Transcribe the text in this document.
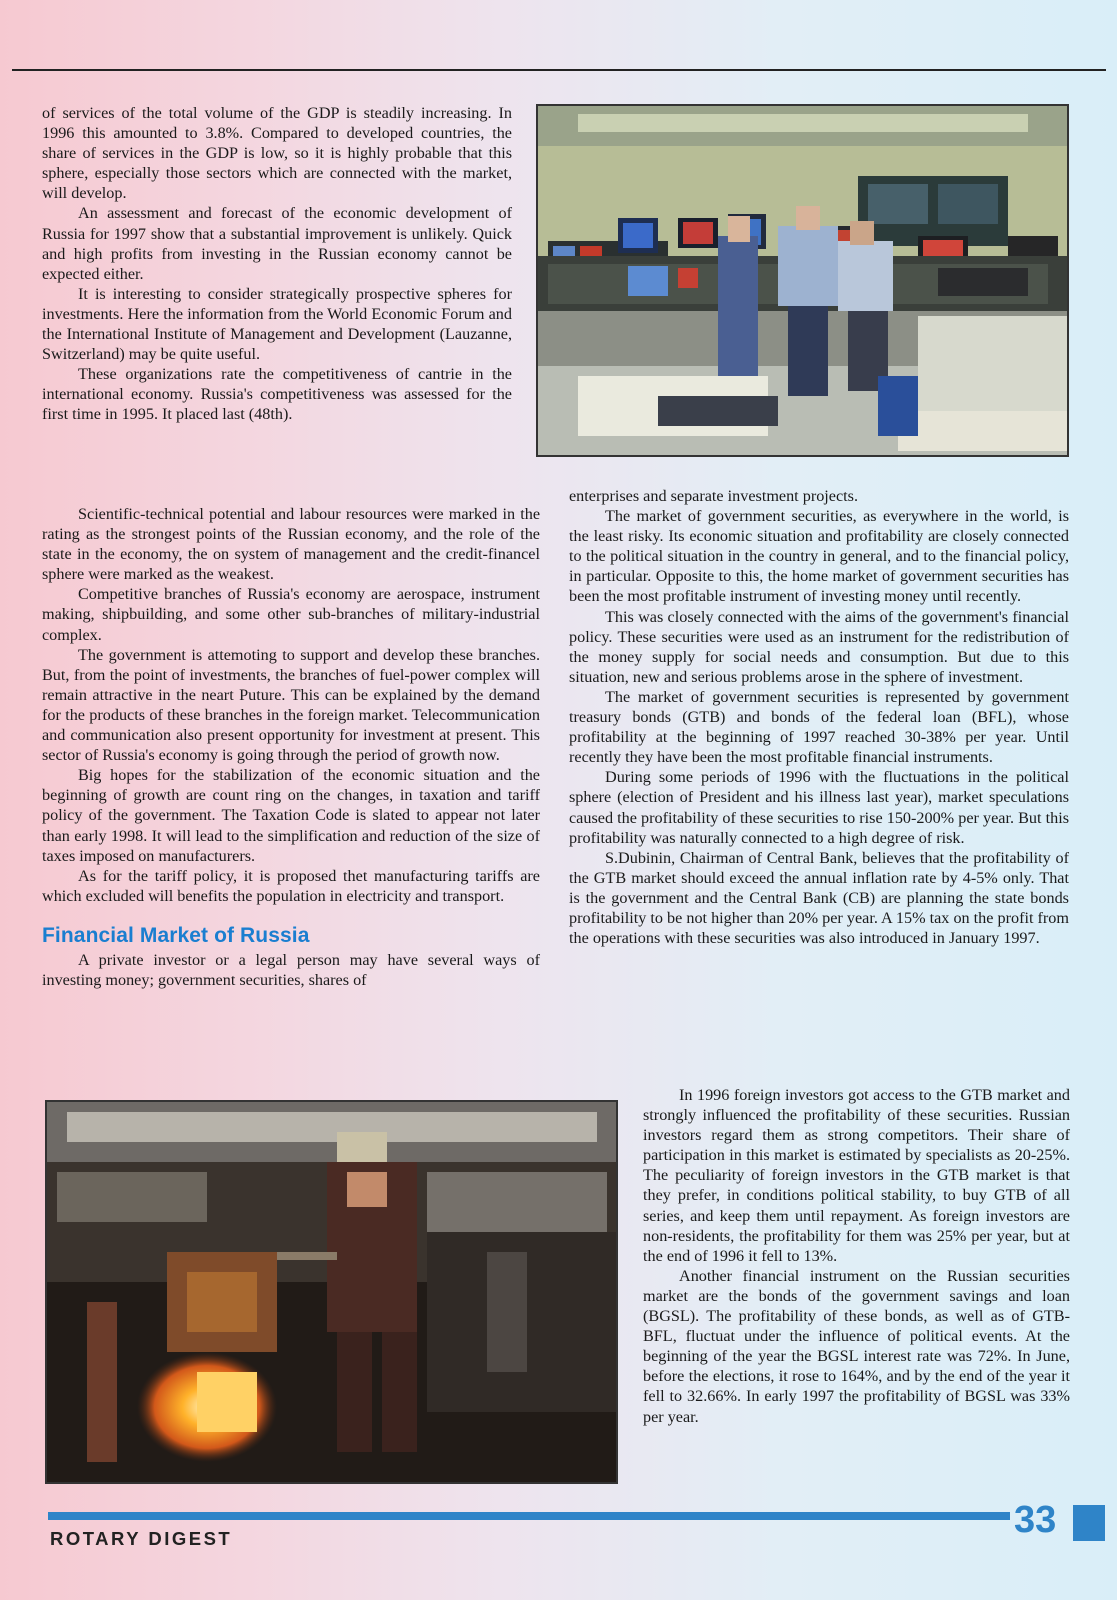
of services of the total volume of the GDP is steadily increasing. In 1996 this amounted to 3.8%. Compared to developed countries, the share of services in the GDP is low, so it is highly probable that this sphere, especially those sectors which are connected with the market, will develop.

An assessment and forecast of the economic development of Russia for 1997 show that a substantial improvement is unlikely. Quick and high profits from investing in the Russian economy cannot be expected either.

It is interesting to consider strategically prospective spheres for investments. Here the information from the World Economic Forum and the International Institute of Management and Development (Lauzanne, Switzerland) may be quite useful.

These organizations rate the competitiveness of cantrie in the international economy. Russia's competitiveness was assessed for the first time in 1995. It placed last (48th).

Scientific-technical potential and labour resources were marked in the rating as the strongest points of the Russian economy, and the role of the state in the economy, the on system of management and the credit-financel sphere were marked as the weakest.

Competitive branches of Russia's economy are aerospace, instrument making, shipbuilding, and some other sub-branches of military-industrial complex.

The government is attemoting to support and develop these branches. But, from the point of investments, the branches of fuel-power complex will remain attractive in the neart Puture. This can be explained by the demand for the products of these branches in the foreign market. Telecommunication and communication also present opportunity for investment at present. This sector of Russia's economy is going through the period of growth now.

Big hopes for the stabilization of the economic situation and the beginning of growth are count ring on the changes, in taxation and tariff policy of the government. The Taxation Code is slated to appear not later than early 1998. It will lead to the simplification and reduction of the size of taxes imposed on manufacturers.

As for the tariff policy, it is proposed thet manufacturing tariffs are which excluded will benefits the population in electricity and transport.

Financial Market of Russia

A private investor or a legal person may have several ways of investing money; government securities, shares of

enterprises and separate investment projects.

The market of government securities, as everywhere in the world, is the least risky. Its economic situation and profitability are closely connected to the political situation in the country in general, and to the financial policy, in particular. Opposite to this, the home market of government securities has been the most profitable instrument of investing money until recently.

This was closely connected with the aims of the government's financial policy. These securities were used as an instrument for the redistribution of the money supply for social needs and consumption. But due to this situation, new and serious problems arose in the sphere of investment.

The market of government securities is represented by government treasury bonds (GTB) and bonds of the federal loan (BFL), whose profitability at the beginning of 1997 reached 30-38% per year. Until recently they have been the most profitable financial instruments.

During some periods of 1996 with the fluctuations in the political sphere (election of President and his illness last year), market speculations caused the profitability of these securities to rise 150-200% per year. But this profitability was naturally connected to a high degree of risk.

S.Dubinin, Chairman of Central Bank, believes that the profitability of the GTB market should exceed the annual inflation rate by 4-5% only. That is the government and the Central Bank (CB) are planning the state bonds profitability to be not higher than 20% per year. A 15% tax on the profit from the operations with these securities was also introduced in January 1997.

In 1996 foreign investors got access to the GTB market and strongly influenced the profitability of these securities. Russian investors regard them as strong competitors. Their share of participation in this market is estimated by specialists as 20-25%. The peculiarity of foreign investors in the GTB market is that they prefer, in conditions political stability, to buy GTB of all series, and keep them until repayment. As foreign investors are non-residents, the profitability for them was 25% per year, but at the end of 1996 it fell to 13%.

Another financial instrument on the Russian securities market are the bonds of the government savings and loan (BGSL). The profitability of these bonds, as well as of GTB-BFL, fluctuat under the influence of political events. At the beginning of the year the BGSL interest rate was 72%. In June, before the elections, it rose to 164%, and by the end of the year it fell to 32.66%. In early 1997 the profitability of BGSL was 33% per year.

ROTARY DIGEST	33
